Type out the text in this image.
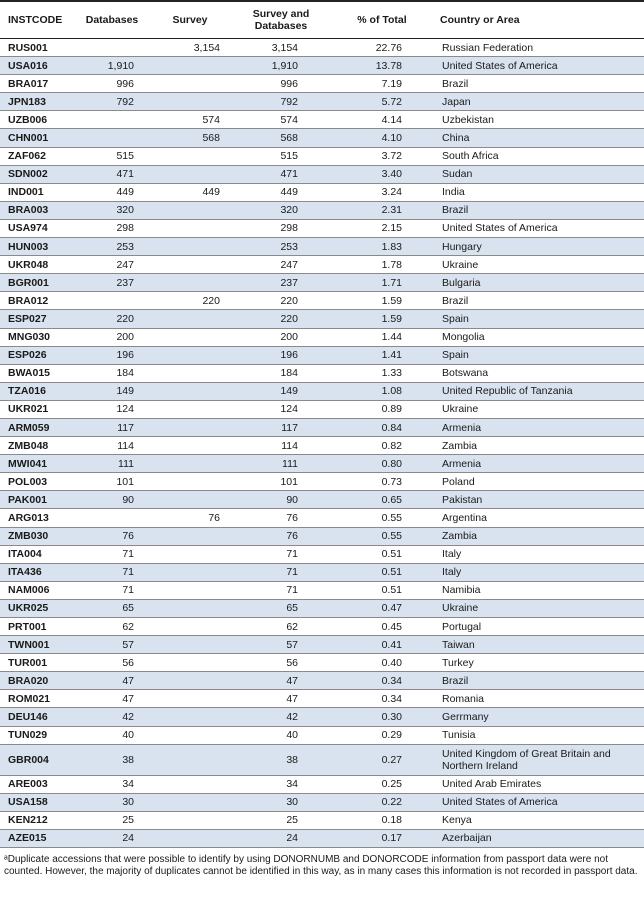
INSTCODE	Databases	Survey	Survey and Databases	% of Total	Country or Area
RUS001		3,154	3,154	22.76	Russian Federation
USA016	1,910		1,910	13.78	United States of America
BRA017	996		996	7.19	Brazil
JPN183	792		792	5.72	Japan
UZB006		574	574	4.14	Uzbekistan
CHN001		568	568	4.10	China
ZAF062	515		515	3.72	South Africa
SDN002	471		471	3.40	Sudan
IND001	449	449	449	3.24	India
BRA003	320		320	2.31	Brazil
USA974	298		298	2.15	United States of America
HUN003	253		253	1.83	Hungary
UKR048	247		247	1.78	Ukraine
BGR001	237		237	1.71	Bulgaria
BRA012		220	220	1.59	Brazil
ESP027	220		220	1.59	Spain
MNG030	200		200	1.44	Mongolia
ESP026	196		196	1.41	Spain
BWA015	184		184	1.33	Botswana
TZA016	149		149	1.08	United Republic of Tanzania
UKR021	124		124	0.89	Ukraine
ARM059	117		117	0.84	Armenia
ZMB048	114		114	0.82	Zambia
MWI041	111		111	0.80	Armenia
POL003	101		101	0.73	Poland
PAK001	90		90	0.65	Pakistan
ARG013		76	76	0.55	Argentina
ZMB030	76		76	0.55	Zambia
ITA004	71		71	0.51	Italy
ITA436	71		71	0.51	Italy
NAM006	71		71	0.51	Namibia
UKR025	65		65	0.47	Ukraine
PRT001	62		62	0.45	Portugal
TWN001	57		57	0.41	Taiwan
TUR001	56		56	0.40	Turkey
BRA020	47		47	0.34	Brazil
ROM021	47		47	0.34	Romania
DEU146	42		42	0.30	Gerrmany
TUN029	40		40	0.29	Tunisia
GBR004	38		38	0.27	United Kingdom of Great Britain and Northern Ireland
ARE003	34		34	0.25	United Arab Emirates
USA158	30		30	0.22	United States of America
KEN212	25		25	0.18	Kenya
AZE015	24		24	0.17	Azerbaijan
ᵃDuplicate accessions that were possible to identify by using DONORNUMB and DONORCODE information from passport data were not counted. However, the majority of duplicates cannot be identified in this way, as in many cases this information is not recorded in passport data.
